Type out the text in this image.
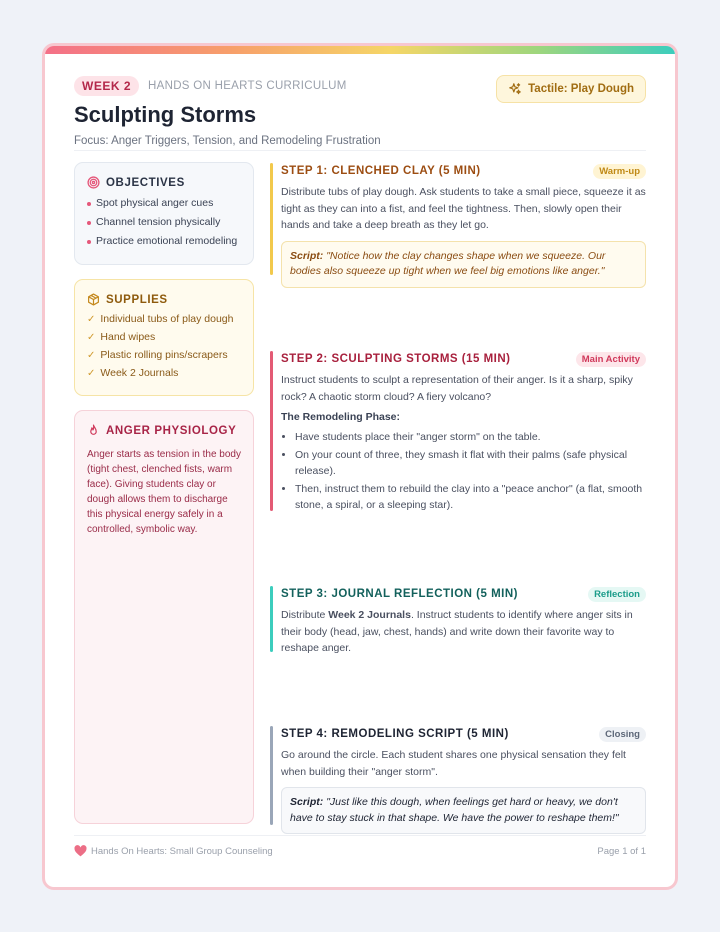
WEEK 2	HANDS ON HEARTS CURRICULUM
Sculpting Storms
Focus: Anger Triggers, Tension, and Remodeling Frustration
Tactile: Play Dough
OBJECTIVES
Spot physical anger cues
Channel tension physically
Practice emotional remodeling
SUPPLIES
✓ Individual tubs of play dough
✓ Hand wipes
✓ Plastic rolling pins/scrapers
✓ Week 2 Journals
ANGER PHYSIOLOGY

Anger starts as tension in the body (tight chest, clenched fists, warm face). Giving students clay or dough allows them to discharge this physical energy safely in a controlled, symbolic way.

STEP 1: CLENCHED CLAY (5 MIN)	Warm-up
Distribute tubs of play dough. Ask students to take a small piece, squeeze it as tight as they can into a fist, and feel the tightness. Then, slowly open their hands and take a deep breath as they let go.
Script: "Notice how the clay changes shape when we squeeze. Our bodies also squeeze up tight when we feel big emotions like anger."
STEP 2: SCULPTING STORMS (15 MIN)	Main Activity
Instruct students to sculpt a representation of their anger. Is it a sharp, spiky rock? A chaotic storm cloud? A fiery volcano?
The Remodeling Phase:
• Have students place their "anger storm" on the table.
• On your count of three, they smash it flat with their palms (safe physical release).
• Then, instruct them to rebuild the clay into a "peace anchor" (a flat, smooth stone, a spiral, or a sleeping star).
STEP 3: JOURNAL REFLECTION (5 MIN)	Reflection
Distribute Week 2 Journals. Instruct students to identify where anger sits in their body (head, jaw, chest, hands) and write down their favorite way to reshape anger.
STEP 4: REMODELING SCRIPT (5 MIN)	Closing
Go around the circle. Each student shares one physical sensation they felt when building their "anger storm".
Script: "Just like this dough, when feelings get hard or heavy, we don't have to stay stuck in that shape. We have the power to reshape them!"
Hands On Hearts: Small Group Counseling	Page 1 of 1
